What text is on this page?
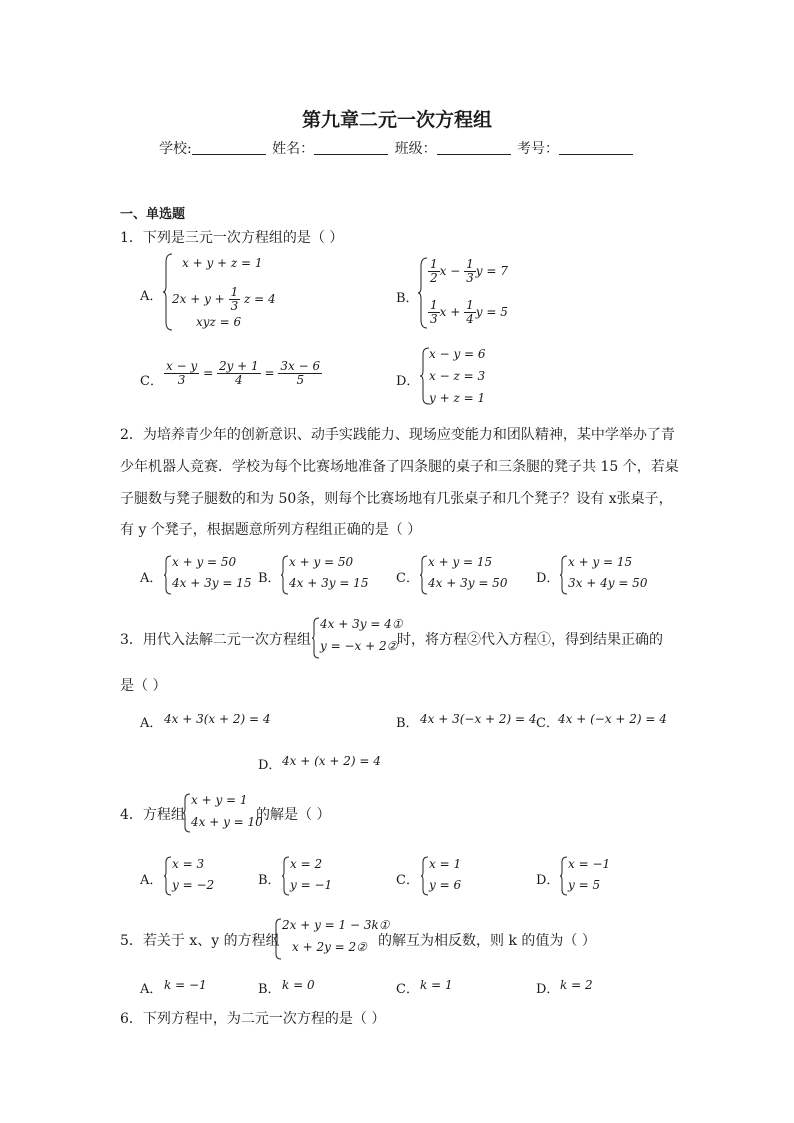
第九章二元一次方程组
学校:	姓名：	班级：	考号：
一、单选题
1．下列是三元一次方程组的是（ ）
A．
x + y + z = 1
$2x + y + \frac{1}{3}$ z = 4
xyz = 6
B．
$\frac{1}{2}$ $x - \frac{1}{3}$ y = 7
$\frac{1}{3}$ $x + \frac{1}{4}$ y = 5
C． $\frac{x - y}{3} = \frac{2y + 1}{4} = \frac{3x - 6}{5}$	D．
x − y = 6
x − z = 3
y + z = 1
2．为培养青少年的创新意识、动手实践能力、现场应变能力和团队精神，某中学举办了青
少年机器人竞赛．学校为每个比赛场地准备了四条腿的桌子和三条腿的凳子共 15 个，若桌
子腿数与凳子腿数的和为 50条，则每个比赛场地有几张桌子和几个凳子？设有 x张桌子，
有 y 个凳子，根据题意所列方程组正确的是（ ）
A．
x + y = 50
4x + 3y = 15 B．
x + y = 50
4x + 3y = 15 C．
x + y = 15
4x + 3y = 50 D．
x + y = 15
3x + 4y = 50
3．用代入法解二元一次方程组
4x + 3y = 4①
y = −x + 2② 时，将方程②代入方程①，得到结果正确的
是（ ）
A． 4x + 3(x + 2) = 4	B． 4x + 3(−x + 2) = 4 C． 4x + (−x + 2) = 4
D． 4x + (x + 2) = 4
4．方程组
x + y = 1
4x + y = 10
的解是（ ）
A．
x = 3
y = −2	B．
x = 2
y = −1	C．
x = 1
y = 6	D．
x = −1
y = 5
5．若关于 x、y 的方程组
2x + y = 1 − 3k①
x + 2y = 2② 的解互为相反数，则 k 的值为（ ）
A． k = −1	B． k = 0	C． k = 1	D． k = 2
6．下列方程中，为二元一次方程的是（ ）
